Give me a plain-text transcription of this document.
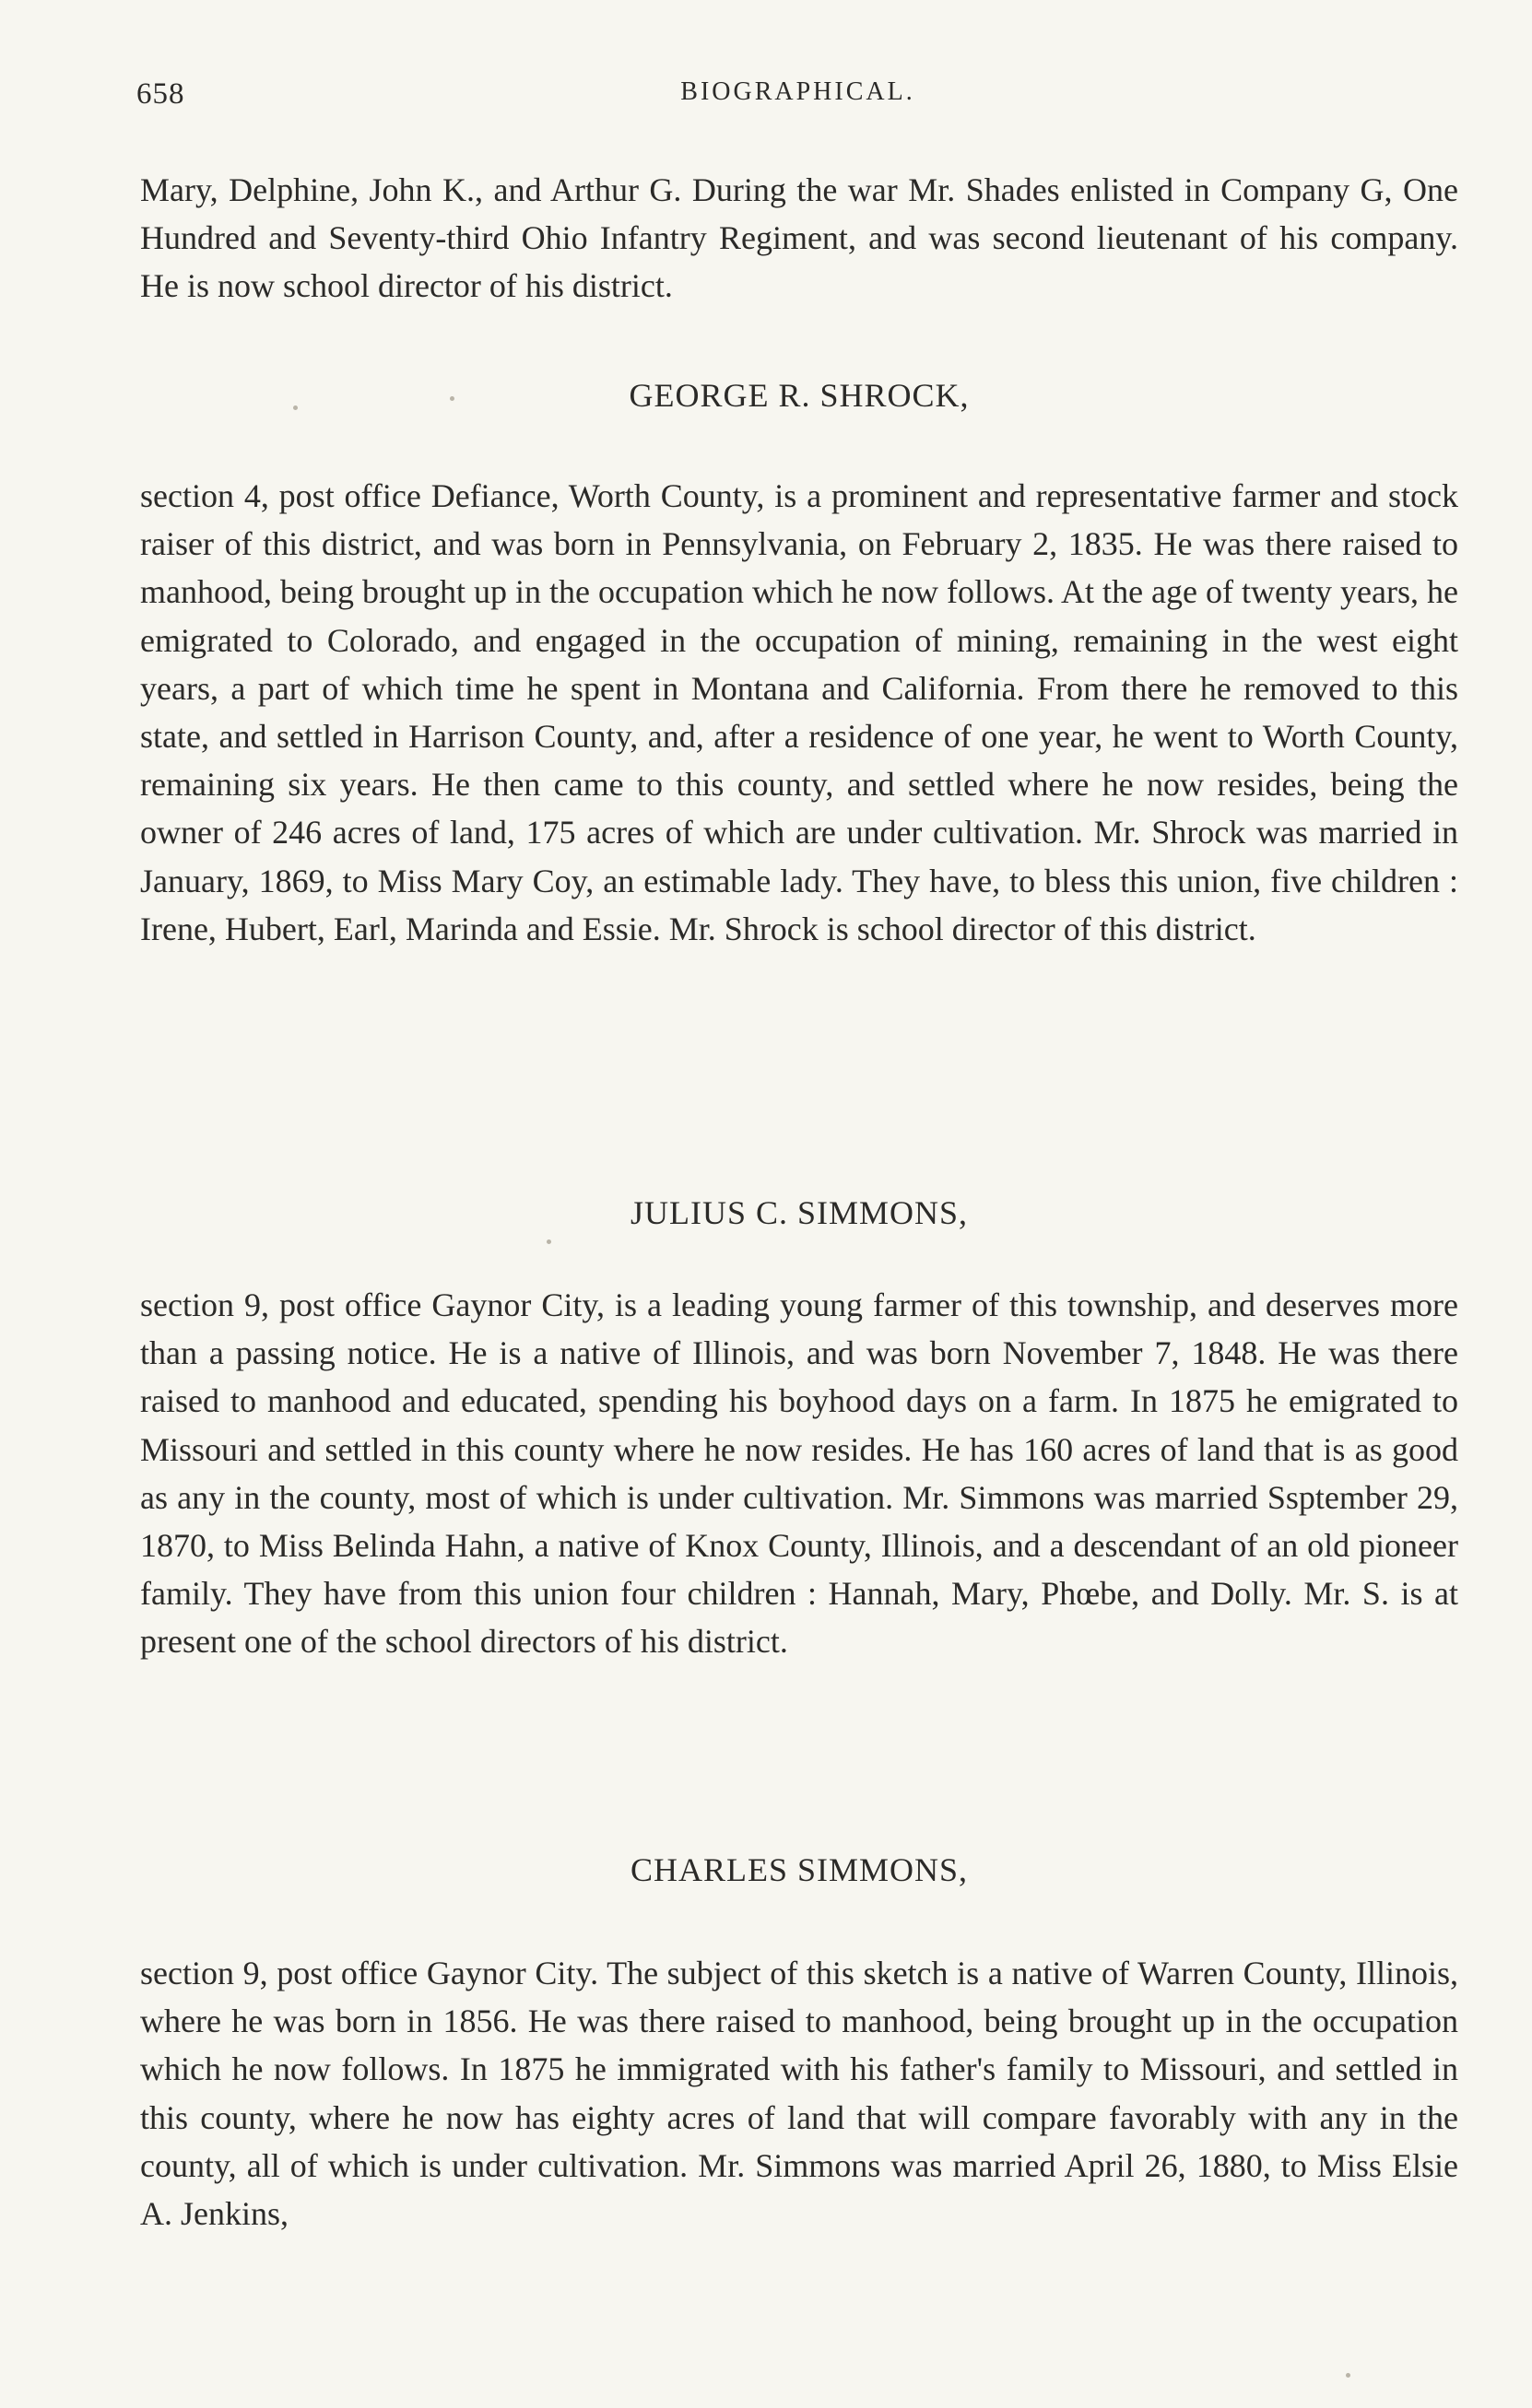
658	BIOGRAPHICAL.

Mary, Delphine, John K., and Arthur G. During the war Mr. Shades enlisted in Company G, One Hundred and Seventy-third Ohio Infantry Regiment, and was second lieutenant of his company. He is now school director of his district.

GEORGE R. SHROCK,

section 4, post office Defiance, Worth County, is a prominent and representative farmer and stock raiser of this district, and was born in Pennsylvania, on February 2, 1835. He was there raised to manhood, being brought up in the occupation which he now follows. At the age of twenty years, he emigrated to Colorado, and engaged in the occupation of mining, remaining in the west eight years, a part of which time he spent in Montana and California. From there he removed to this state, and settled in Harrison County, and, after a residence of one year, he went to Worth County, remaining six years. He then came to this county, and settled where he now resides, being the owner of 246 acres of land, 175 acres of which are under cultivation. Mr. Shrock was married in January, 1869, to Miss Mary Coy, an estimable lady. They have, to bless this union, five children : Irene, Hubert, Earl, Marinda and Essie. Mr. Shrock is school director of this district.

JULIUS C. SIMMONS,

section 9, post office Gaynor City, is a leading young farmer of this township, and deserves more than a passing notice. He is a native of Illinois, and was born November 7, 1848. He was there raised to manhood and educated, spending his boyhood days on a farm. In 1875 he emigrated to Missouri and settled in this county where he now resides. He has 160 acres of land that is as good as any in the county, most of which is under cultivation. Mr. Simmons was married Ssptember 29, 1870, to Miss Belinda Hahn, a native of Knox County, Illinois, and a descendant of an old pioneer family. They have from this union four children : Hannah, Mary, Phœbe, and Dolly. Mr. S. is at present one of the school directors of his district.

CHARLES SIMMONS,

section 9, post office Gaynor City. The subject of this sketch is a native of Warren County, Illinois, where he was born in 1856. He was there raised to manhood, being brought up in the occupation which he now follows. In 1875 he immigrated with his father's family to Missouri, and settled in this county, where he now has eighty acres of land that will compare favorably with any in the county, all of which is under cultivation. Mr. Simmons was married April 26, 1880, to Miss Elsie A. Jenkins,
